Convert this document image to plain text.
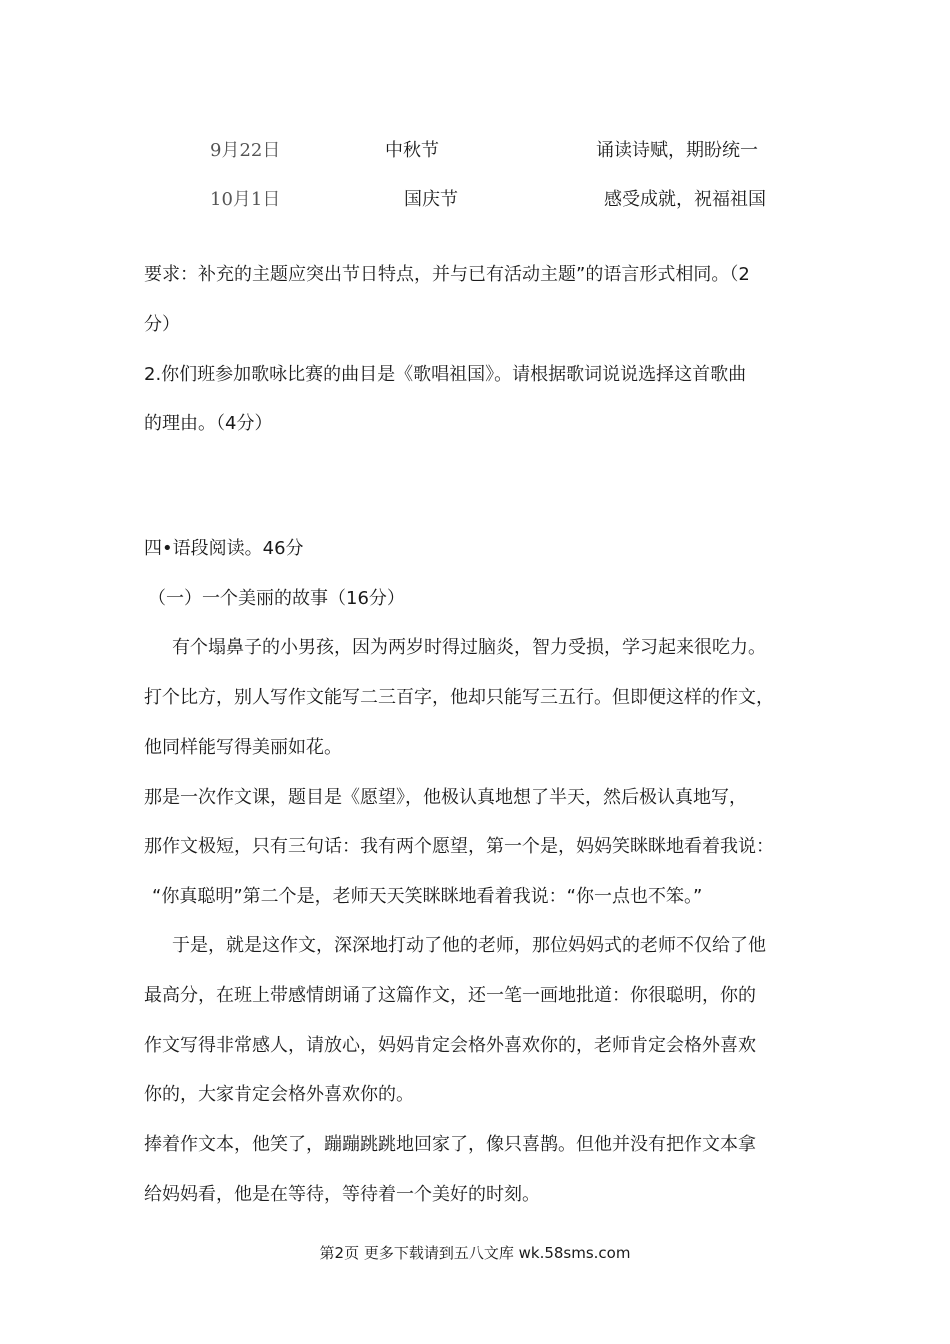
9月22日	中秋节	诵读诗赋，期盼统一
10月1日	国庆节	感受成就，祝福祖国
要求：补充的主题应突出节日特点，并与已有活动主题”的语言形式相同。（2
分）
2.你们班参加歌咏比赛的曲目是《歌唱祖国》。请根据歌词说说选择这首歌曲
的理由。（4分）
四•语段阅读。46分
（一）一个美丽的故事（16分）
有个塌鼻子的小男孩，因为两岁时得过脑炎，智力受损，学习起来很吃力。
打个比方，别人写作文能写二三百字，他却只能写三五行。但即便这样的作文，
他同样能写得美丽如花。
那是一次作文课，题目是《愿望》，他极认真地想了半天，然后极认真地写，
那作文极短，只有三句话：我有两个愿望，第一个是，妈妈笑眯眯地看着我说：
“你真聪明”第二个是，老师天天笑眯眯地看着我说：“你一点也不笨。”
于是，就是这作文，深深地打动了他的老师，那位妈妈式的老师不仅给了他
最高分，在班上带感情朗诵了这篇作文，还一笔一画地批道：你很聪明，你的
作文写得非常感人，请放心，妈妈肯定会格外喜欢你的，老师肯定会格外喜欢
你的，大家肯定会格外喜欢你的。
捧着作文本，他笑了，蹦蹦跳跳地回家了，像只喜鹊。但他并没有把作文本拿
给妈妈看，他是在等待，等待着一个美好的时刻。
第2页 更多下载请到五八文库 wk.58sms.com
